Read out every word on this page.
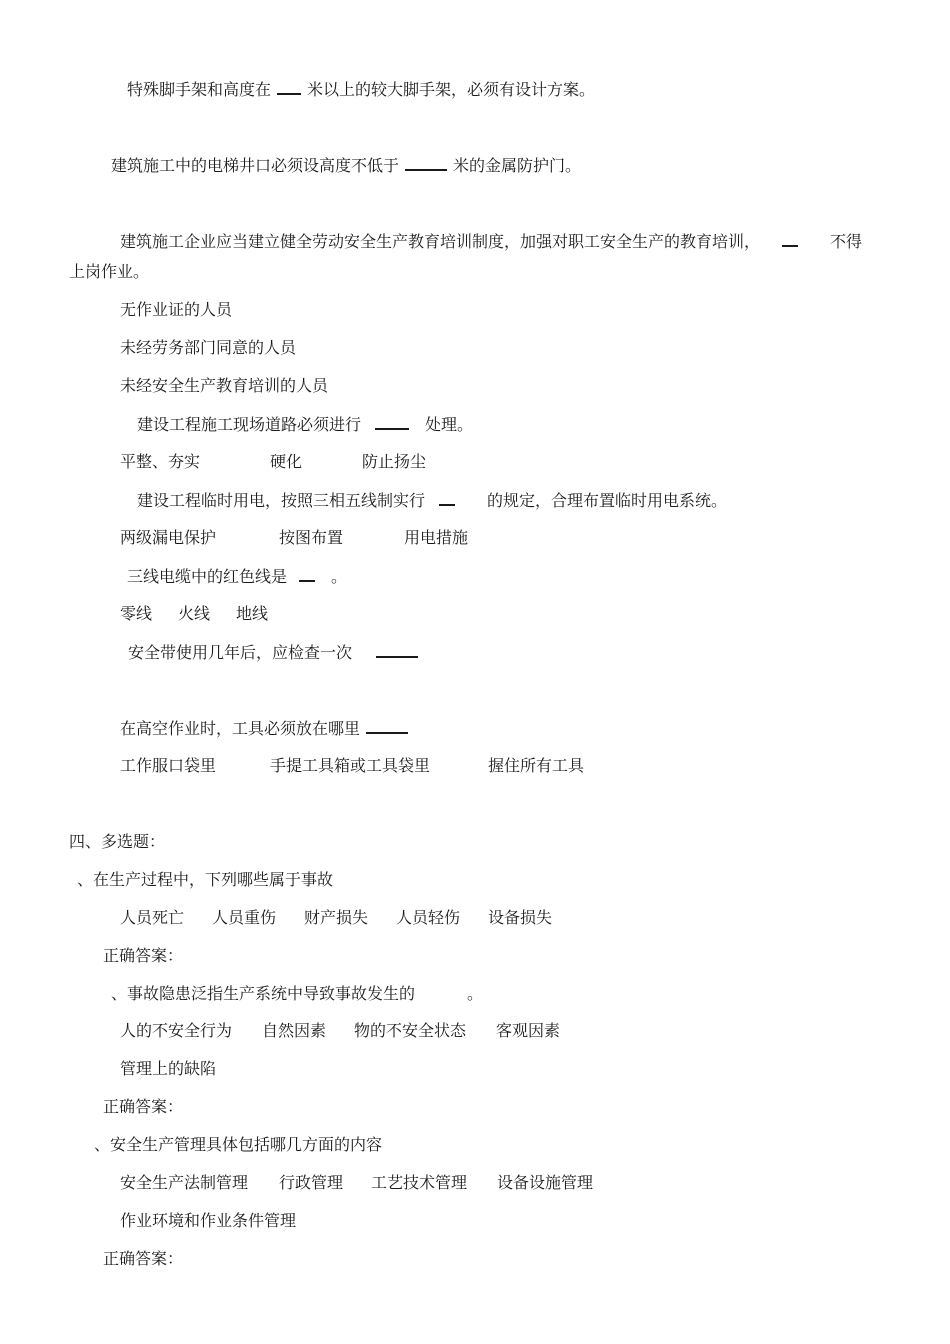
特殊脚手架和高度在 米以上的较大脚手架，必须有设计方案。
建筑施工中的电梯井口必须设高度不低于	米的金属防护门。
建筑施工企业应当建立健全劳动安全生产教育培训制度，加强对职工安全生产的教育培训，	不得
上岗作业。
无作业证的人员
未经劳务部门同意的人员
未经安全生产教育培训的人员
建设工程施工现场道路必须进行	处理。
平整、夯实	硬化	防止扬尘
建设工程临时用电，按照三相五线制实行	的规定，合理布置临时用电系统。
两级漏电保护	按图布置	用电措施
三线电缆中的红色线是	。
零线 火线 地线
安全带使用几年后，应检查一次
在高空作业时，工具必须放在哪里
工作服口袋里	手提工具箱或工具袋里	握住所有工具
四、多选题：
、在生产过程中，下列哪些属于事故
人员死亡 人员重伤 财产损失 人员轻伤 设备损失
正确答案：
、事故隐患泛指生产系统中导致事故发生的	。
人的不安全行为 自然因素 物的不安全状态 客观因素
管理上的缺陷
正确答案：
、安全生产管理具体包括哪几方面的内容
安全生产法制管理 行政管理 工艺技术管理 设备设施管理
作业环境和作业条件管理
正确答案：
